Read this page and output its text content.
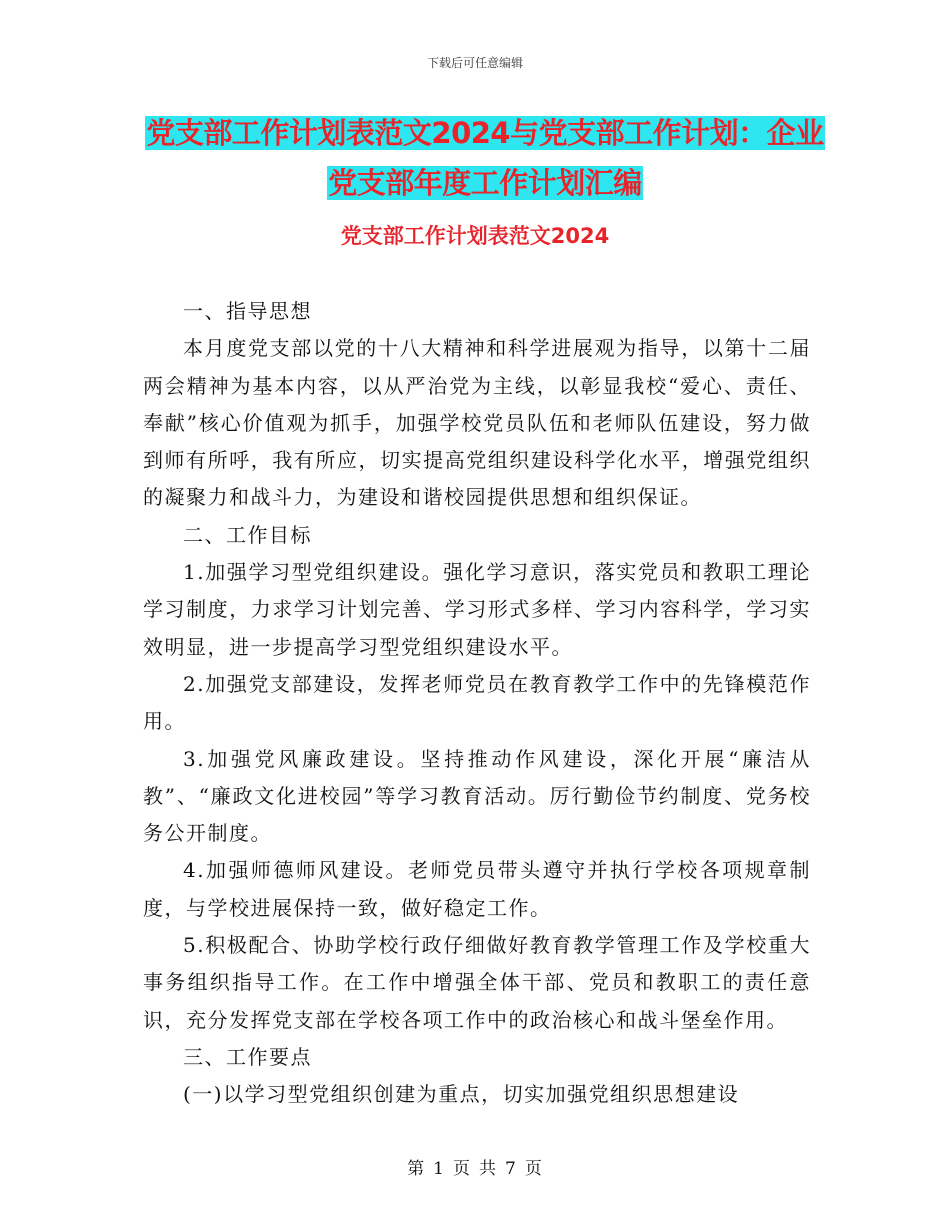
下载后可任意编辑
党支部工作计划表范文2024与党支部工作计划：企业
党支部年度工作计划汇编
党支部工作计划表范文2024

一、指导思想

本月度党支部以党的十八大精神和科学进展观为指导，以第十二届两会精神为基本内容，以从严治党为主线，以彰显我校“爱心、责任、奉献”核心价值观为抓手，加强学校党员队伍和老师队伍建设，努力做到师有所呼，我有所应，切实提高党组织建设科学化水平，增强党组织的凝聚力和战斗力，为建设和谐校园提供思想和组织保证。

二、工作目标

1.加强学习型党组织建设。强化学习意识，落实党员和教职工理论学习制度，力求学习计划完善、学习形式多样、学习内容科学，学习实效明显，进一步提高学习型党组织建设水平。

2.加强党支部建设，发挥老师党员在教育教学工作中的先锋模范作用。

3.加强党风廉政建设。坚持推动作风建设，深化开展“廉洁从教”、“廉政文化进校园”等学习教育活动。厉行勤俭节约制度、党务校务公开制度。

4.加强师德师风建设。老师党员带头遵守并执行学校各项规章制度，与学校进展保持一致，做好稳定工作。

5.积极配合、协助学校行政仔细做好教育教学管理工作及学校重大事务组织指导工作。在工作中增强全体干部、党员和教职工的责任意识，充分发挥党支部在学校各项工作中的政治核心和战斗堡垒作用。

三、工作要点

(一)以学习型党组织创建为重点，切实加强党组织思想建设

第 1 页 共 7 页
